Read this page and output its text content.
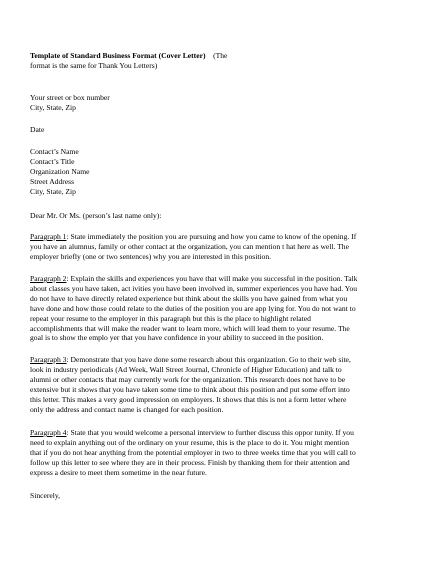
Template of Standard Business Format (Cover Letter) (The
format is the same for Thank You Letters)
Your street or box number
City, State, Zip
Date
Contact’s Name
Contact’s Title
Organization Name
Street Address
City, State, Zip
Dear Mr. Or Ms. (person’s last name only):
Paragraph 1: State immediately the position you are pursuing and how you came to know of the opening. If
you have an alumnus, family or other contact at the organization, you can mention t hat here as well. The
employer briefly (one or two sentences) why you are interested in this position.
Paragraph 2: Explain the skills and experiences you have that will make you successful in the position. Talk
about classes you have taken, act ivities you have been involved in, summer experiences you have had. You
do not have to have directly related experience but think about the skills you have gained from what you
have done and how those could relate to the duties of the position you are app lying for. You do not want to
repeat your resume to the employer in this paragraph but this is the place to highlight related
accomplishments that will make the reader want to learn more, which will lead them to your resume. The
goal is to show the emplo yer that you have confidence in your ability to succeed in the position.
Paragraph 3: Demonstrate that you have done some research about this organization. Go to their web site,
look in industry periodicals (Ad Week, Wall Street Journal, Chronicle of Higher Education) and talk to
alumni or other contacts that may currently work for the organization. This research does not have to be
extensive but it shows that you have taken some time to think about this position and put some effort into
this letter. This makes a very good impression on employers. It shows that this is not a form letter where
only the address and contact name is changed for each position.
Paragraph 4: State that you would welcome a personal interview to further discuss this oppor tunity. If you
need to explain anything out of the ordinary on your resume, this is the place to do it. You might mention
that if you do not hear anything from the potential employer in two to three weeks time that you will call to
follow up this letter to see where they are in their process. Finish by thanking them for their attention and
express a desire to meet them sometime in the near future.
Sincerely,
